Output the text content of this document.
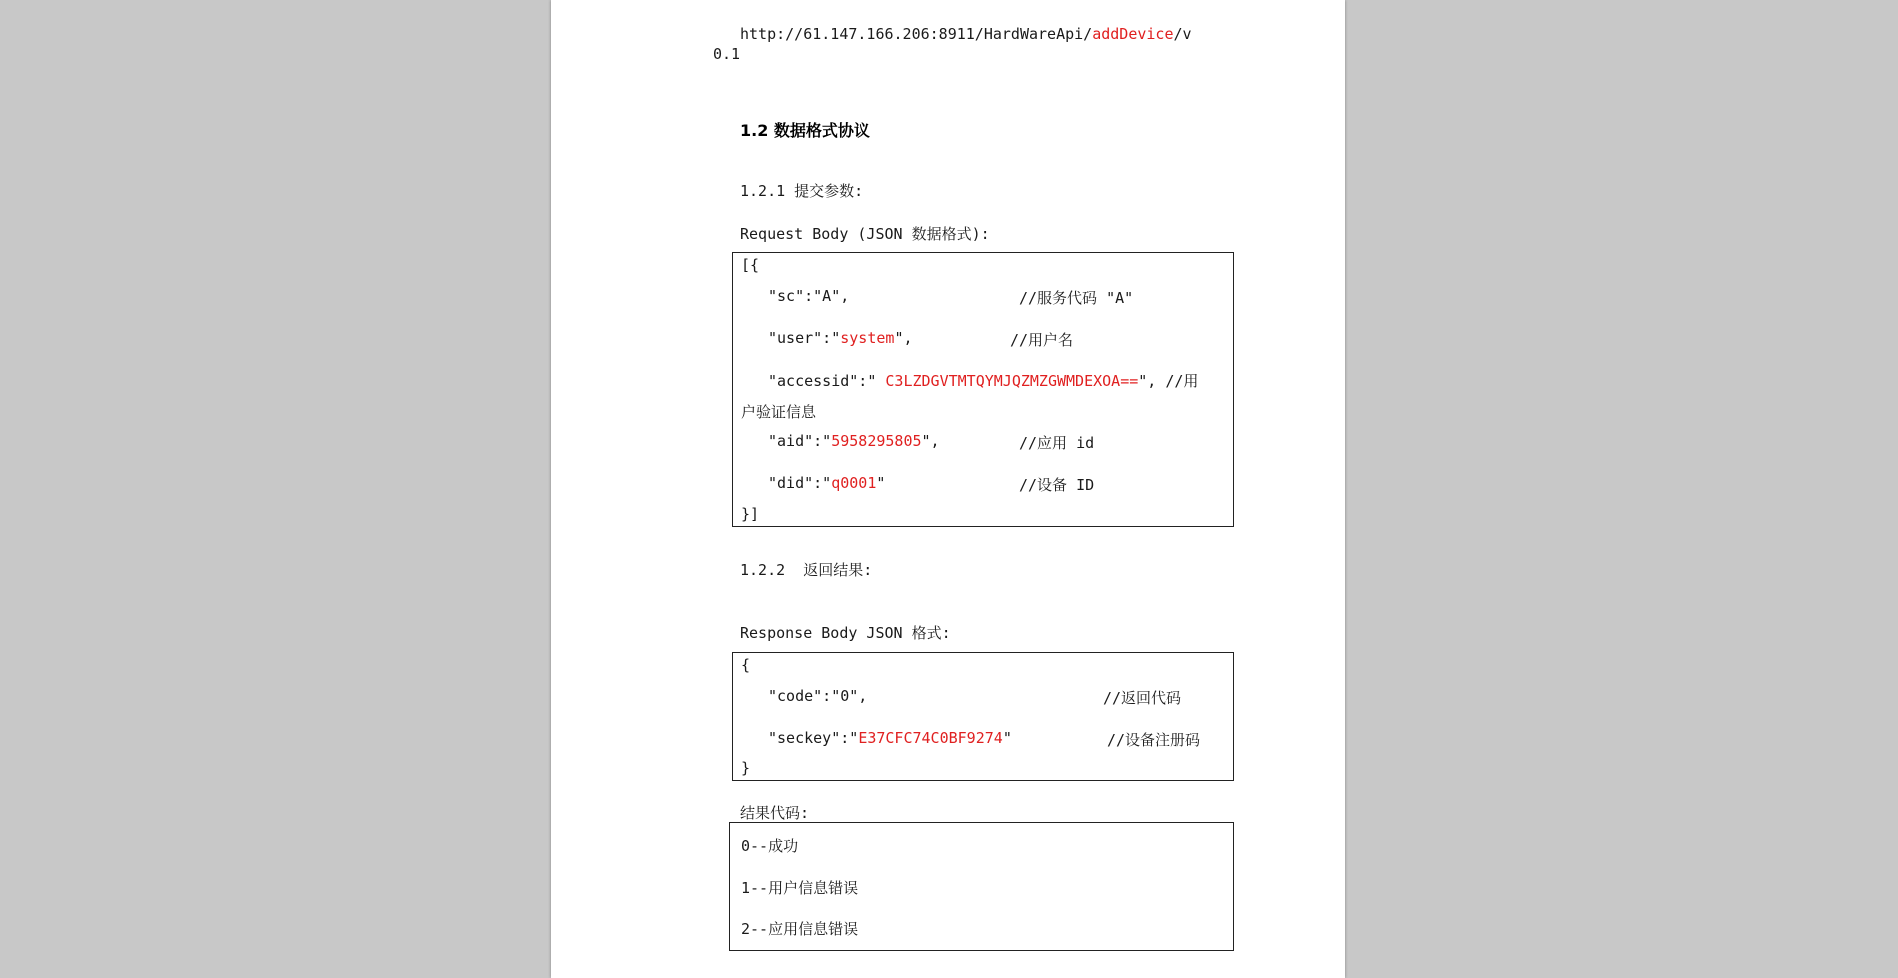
http://61.147.166.206:8911/HardWareApi/addDevice/v
0.1
1.2 数据格式协议
1.2.1 提交参数:
Request Body (JSON 数据格式):
[{
"sc":"A",	//服务代码 "A"
"user":"system",	//用户名
"accessid":" C3LZDGVTMTQYMJQZMZGWMDEXOA==", //用
户验证信息
"aid":"5958295805",	//应用 id
"did":"q0001"	//设备 ID
}]
1.2.2  返回结果:
Response Body JSON 格式:
{
"code":"0",	//返回代码
"seckey":"E37CFC74C0BF9274"	//设备注册码
}
结果代码:
0--成功
1--用户信息错误
2--应用信息错误
